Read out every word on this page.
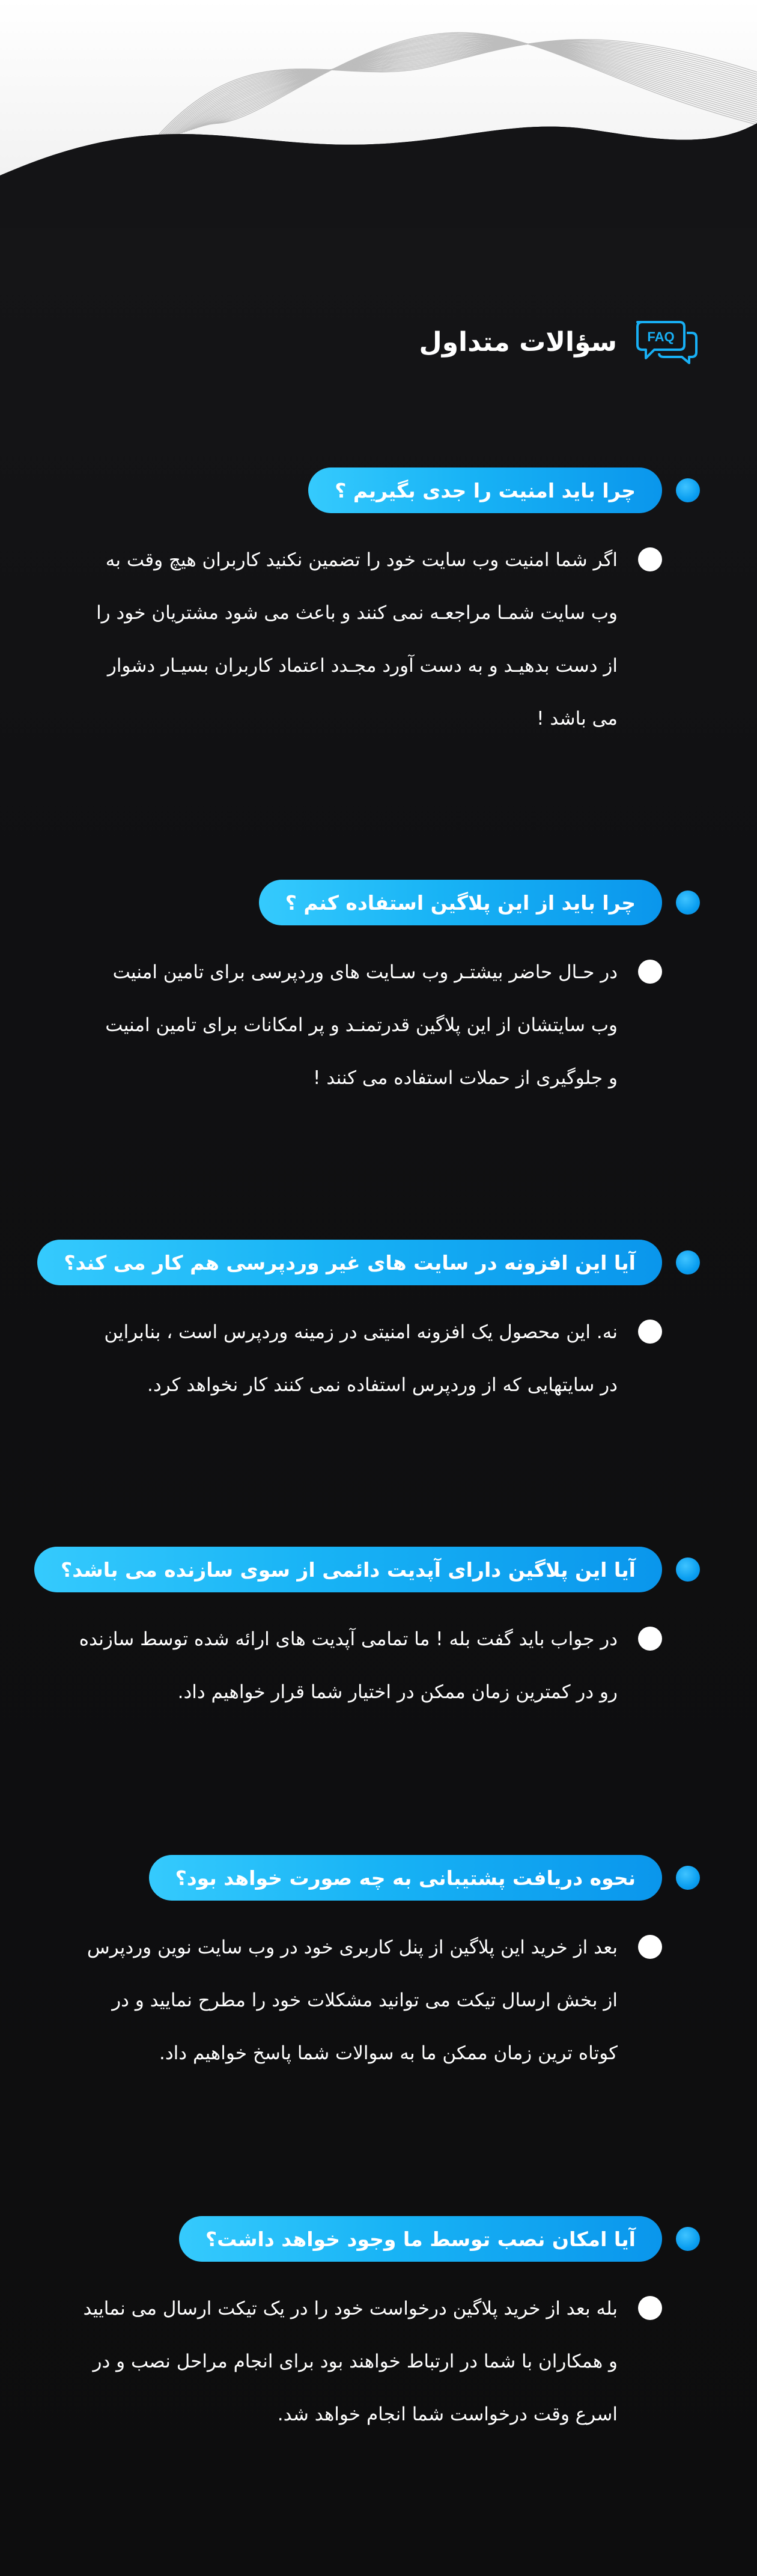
FAQ
سؤالات متداول
چرا باید امنیت را جدی بگیریم ؟
اگر شما امنیت وب سایت خود را تضمین نکنید کاربران هیچ وقت به
وب سایت شمـا مراجعـه نمی کنند و باعث می شود مشتریان خود را
از دست بدهیـد و به دست آورد مجـدد اعتماد کاربران بسیـار دشوار
می باشد !
چرا باید از این پلاگین استفاده کنم ؟
در حـال حاضر بیشتـر وب سـایت های وردپرسی برای تامین امنیت
وب سایتشان از این پلاگین قدرتمنـد و پر امکانات برای تامین امنیت
و جلوگیری از حملات استفاده می کنند !
آیا این افزونه در سایت های غیر وردپرسی هم کار می کند؟
نه. این محصول یک افزونه امنیتی در زمینه وردپرس است ، بنابراین
در سایتهایی که از وردپرس استفاده نمی کنند کار نخواهد کرد.
آیا این پلاگین دارای آپدیت دائمی از سوی سازنده می باشد؟
در جواب باید گفت بله ! ما تمامی آپدیت های ارائه شده توسط سازنده
رو در کمترین زمان ممکن در اختیار شما قرار خواهیم داد.
نحوه دریافت پشتیبانی به چه صورت خواهد بود؟
بعد از خرید این پلاگین از پنل کاربری خود در وب سایت نوین وردپرس
از بخش ارسال تیکت می توانید مشکلات خود را مطرح نمایید و در
کوتاه ترین زمان ممکن ما به سوالات شما پاسخ خواهیم داد.
آیا امکان نصب توسط ما وجود خواهد داشت؟
بله بعد از خرید پلاگین درخواست خود را در یک تیکت ارسال می نمایید
و همکاران با شما در ارتباط خواهند بود برای انجام مراحل نصب و در
اسرع وقت درخواست شما انجام خواهد شد.
